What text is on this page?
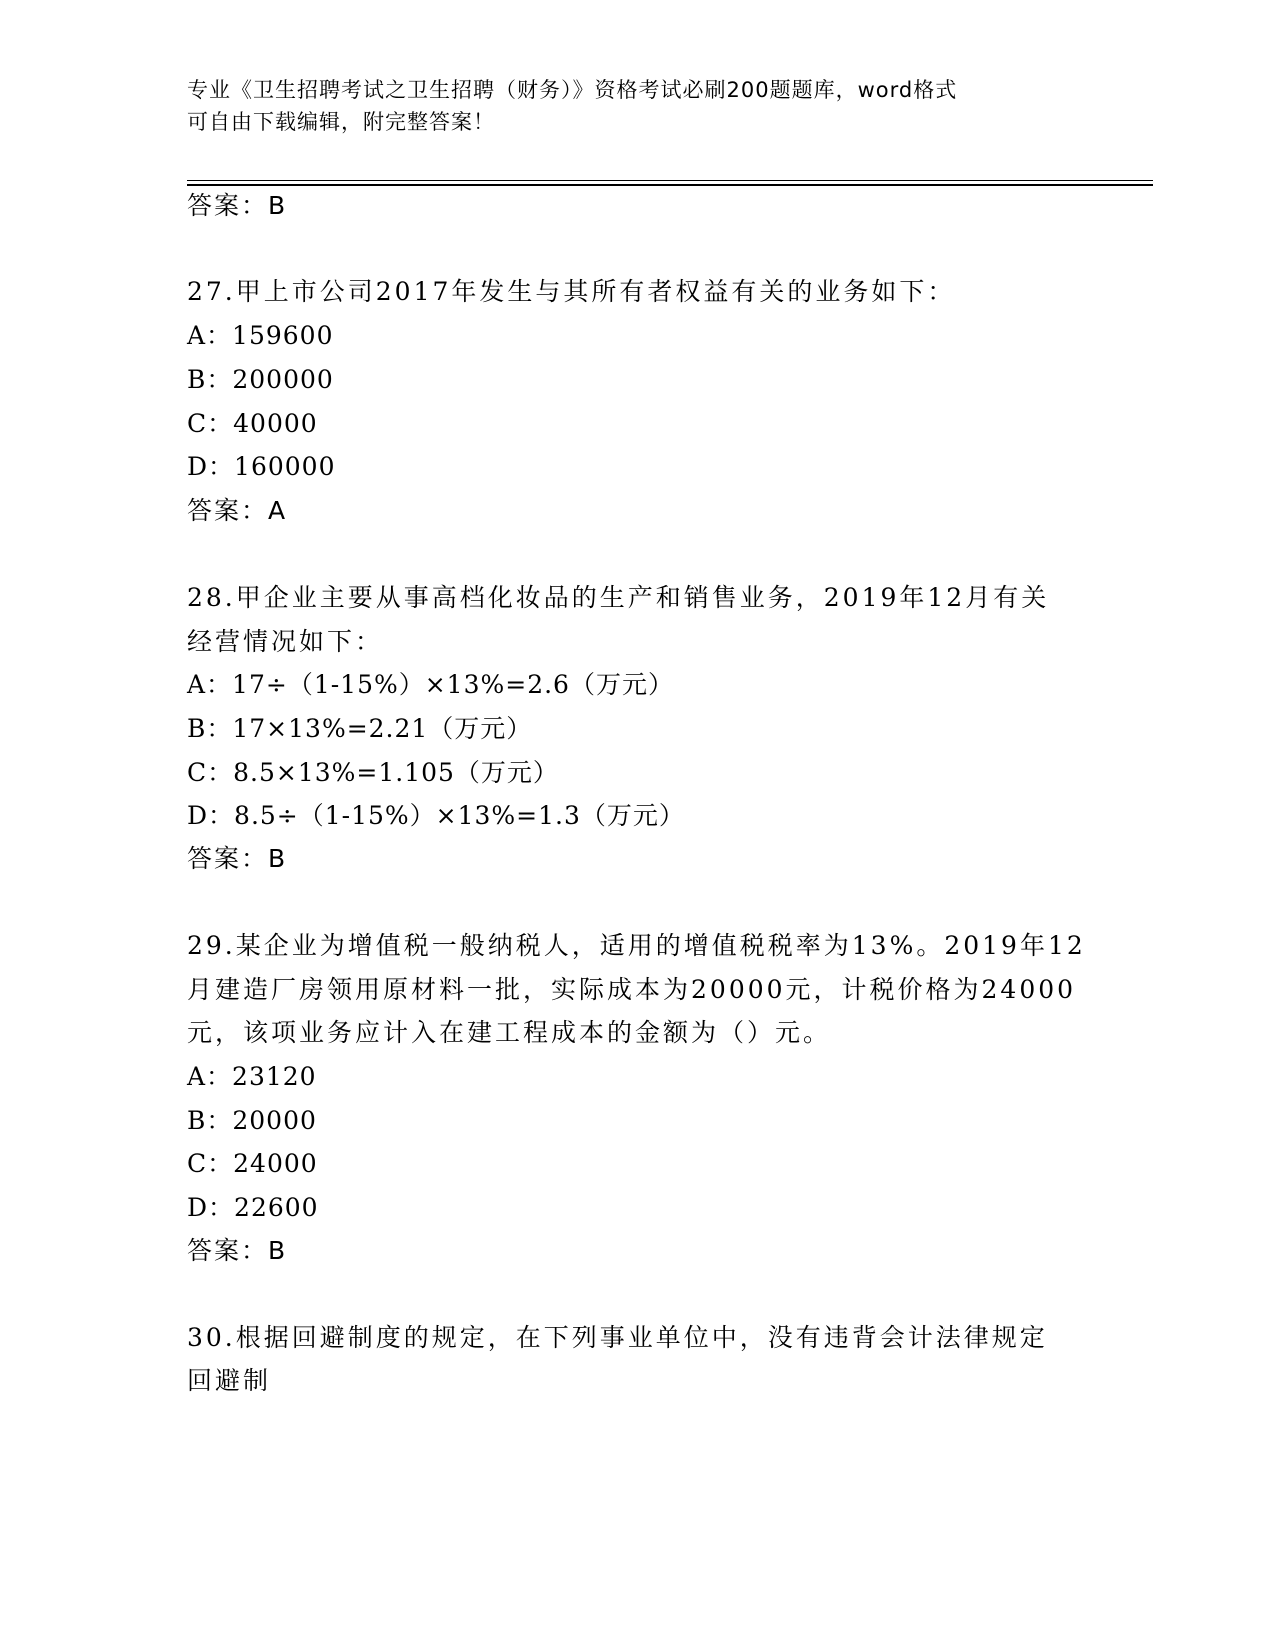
专业《卫生招聘考试之卫生招聘（财务）》资格考试必刷200题题库，word格式
可自由下载编辑，附完整答案！
答案：B
27.甲上市公司2017年发生与其所有者权益有关的业务如下：
A：159600
B：200000
C：40000
D：160000
答案：A
28.甲企业主要从事高档化妆品的生产和销售业务，2019年12月有关
经营情况如下：
A：17÷（1-15%）×13%=2.6（万元）
B：17×13%=2.21（万元）
C：8.5×13%=1.105（万元）
D：8.5÷（1-15%）×13%=1.3（万元）
答案：B
29.某企业为增值税一般纳税人，适用的增值税税率为13%。2019年12
月建造厂房领用原材料一批，实际成本为20000元，计税价格为24000
元，该项业务应计入在建工程成本的金额为（）元。
A：23120
B：20000
C：24000
D：22600
答案：B
30.根据回避制度的规定，在下列事业单位中，没有违背会计法律规定
回避制
